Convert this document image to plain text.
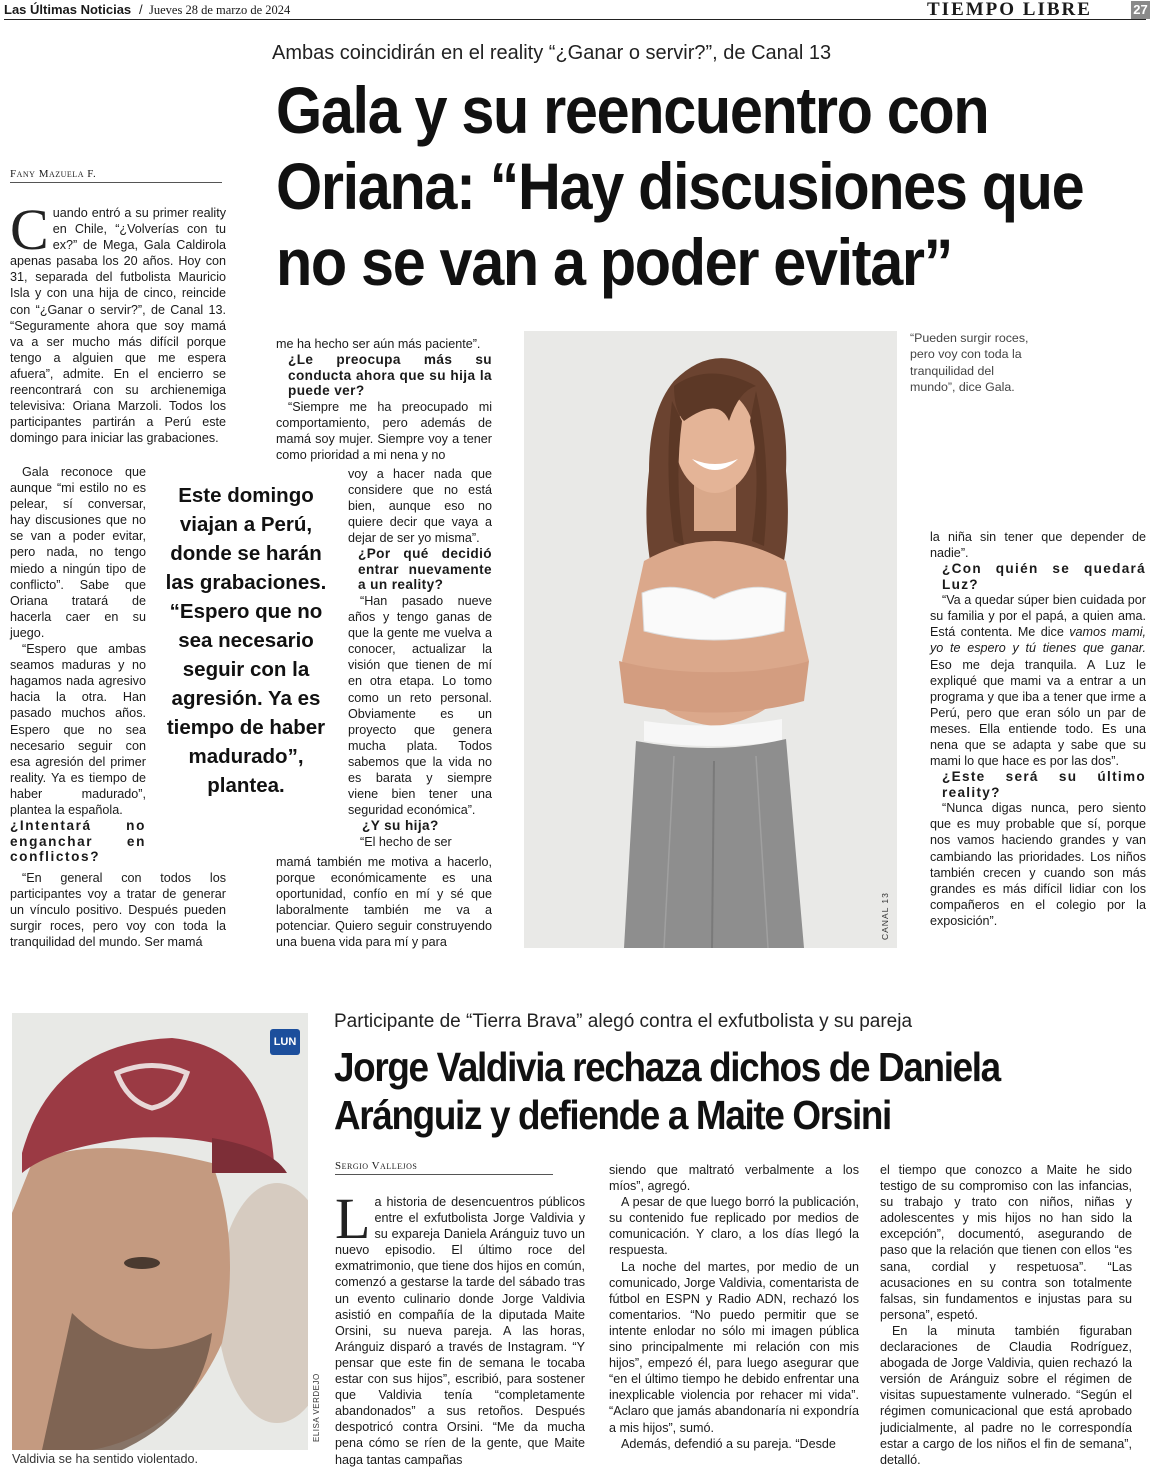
Las Últimas Noticias / Jueves 28 de marzo de 2024	TIEMPO LIBRE	27
Ambas coincidirán en el reality “¿Ganar o servir?”, de Canal 13
Gala y su reencuentro con
Oriana: “Hay discusiones que
no se van a poder evitar”
Fany Mazuela F.

Cuando entró a su primer reality en Chile, “¿Volverías con tu ex?” de Mega, Gala Caldirola apenas pasaba los 20 años. Hoy con 31, separada del futbolista Mauricio Isla y con una hija de cinco, reincide con “¿Ganar o servir?”, de Canal 13. “Seguramente ahora que soy mamá va a ser mucho más difícil porque tengo a alguien que me espera afuera”, admite. En el encierro se reencontrará con su archienemiga televisiva: Oriana Marzoli. Todos los participantes partirán a Perú este domingo para iniciar las grabaciones.

Gala reconoce que aunque “mi estilo no es pelear, sí conversar, hay discusiones que no se van a poder evitar, pero nada, no tengo miedo a ningún tipo de conflicto”. Sabe que Oriana tratará de hacerla caer en su juego.

“Espero que ambas seamos maduras y no hagamos nada agresivo hacia la otra. Han pasado muchos años. Espero que no sea necesario seguir con esa agresión del primer reality. Ya es tiempo de haber madurado”, plantea la española.

¿Intentará no enganchar en conflictos?

“En general con todos los participantes voy a tratar de generar un vínculo positivo. Después pueden surgir roces, pero voy con toda la tranquilidad del mundo. Ser mamá

Este domingo viajan a Perú, donde se harán las grabaciones. “Espero que no sea necesario seguir con la agresión. Ya es tiempo de haber madurado”, plantea.

me ha hecho ser aún más paciente”.

¿Le preocupa más su conducta ahora que su hija la puede ver?

“Siempre me ha preocupado mi comportamiento, pero además de mamá soy mujer. Siempre voy a tener como prioridad a mi nena y no

voy a hacer nada que considere que no está bien, aunque eso no quiere decir que vaya a dejar de ser yo misma”.

¿Por qué decidió entrar nuevamente a un reality?

“Han pasado nueve años y tengo ganas de que la gente me vuelva a conocer, actualizar la visión que tienen de mí en otra etapa. Lo tomo como un reto personal. Obviamente es un proyecto que genera mucha plata. Todos sabemos que la vida no es barata y siempre viene bien tener una seguridad económica”.

¿Y su hija?

“El hecho de ser

mamá también me motiva a hacerlo, porque económicamente es una oportunidad, confío en mí y sé que laboralmente también me va a potenciar. Quiero seguir construyendo una buena vida para mí y para

CANAL 13
“Pueden surgir roces, pero voy con toda la tranquilidad del mundo”, dice Gala.

la niña sin tener que depender de nadie”.

¿Con quién se quedará Luz?

“Va a quedar súper bien cuidada por su familia y por el papá, a quien ama. Está contenta. Me dice vamos mami, yo te espero y tú tienes que ganar. Eso me deja tranquila. A Luz le expliqué que mami va a entrar a un programa y que iba a tener que irme a Perú, pero que eran sólo un par de meses. Ella entiende todo. Es una nena que se adapta y sabe que su mami lo que hace es por las dos”.

¿Este será su último reality?

“Nunca digas nunca, pero siento que es muy probable que sí, porque nos vamos haciendo grandes y van cambiando las prioridades. Los niños también crecen y cuando son más grandes es más difícil lidiar con los compañeros en el colegio por la exposición”.

LUN
ELISA VERDEJO
Valdivia se ha sentido violentado.
Participante de “Tierra Brava” alegó contra el exfutbolista y su pareja
Jorge Valdivia rechaza dichos de Daniela
Aránguiz y defiende a Maite Orsini
Sergio Vallejos

La historia de desencuentros públicos entre el exfutbolista Jorge Valdivia y su expareja Daniela Aránguiz tuvo un nuevo episodio. El último roce del exmatrimonio, que tiene dos hijos en común, comenzó a gestarse la tarde del sábado tras un evento culinario donde Jorge Valdivia asistió en compañía de la diputada Maite Orsini, su nueva pareja. A las horas, Aránguiz disparó a través de Instagram. “Y pensar que este fin de semana le tocaba estar con sus hijos”, escribió, para sostener que Valdivia tenía “completamente abandonados” a sus retoños. Después despotricó contra Orsini. “Me da mucha pena cómo se ríen de la gente, que Maite haga tantas campañas

siendo que maltrató verbalmente a los míos”, agregó.

A pesar de que luego borró la publicación, su contenido fue replicado por medios de comunicación. Y claro, a los días llegó la respuesta.

La noche del martes, por medio de un comunicado, Jorge Valdivia, comentarista de fútbol en ESPN y Radio ADN, rechazó los comentarios. “No puedo permitir que se intente enlodar no sólo mi imagen pública sino principalmente mi relación con mis hijos”, empezó él, para luego asegurar que “en el último tiempo he debido enfrentar una inexplicable violencia por rehacer mi vida”. “Aclaro que jamás abandonaría ni expondría a mis hijos”, sumó.

Además, defendió a su pareja. “Desde

el tiempo que conozco a Maite he sido testigo de su compromiso con las infancias, su trabajo y trato con niños, niñas y adolescentes y mis hijos no han sido la excepción”, documentó, asegurando de paso que la relación que tienen con ellos “es sana, cordial y respetuosa”. “Las acusaciones en su contra son totalmente falsas, sin fundamentos e injustas para su persona”, espetó.

En la minuta también figuraban declaraciones de Claudia Rodríguez, abogada de Jorge Valdivia, quien rechazó la versión de Aránguiz sobre el régimen de visitas supuestamente vulnerado. “Según el régimen comunicacional que está aprobado judicialmente, al padre no le correspondía estar a cargo de los niños el fin de semana”, detalló.
